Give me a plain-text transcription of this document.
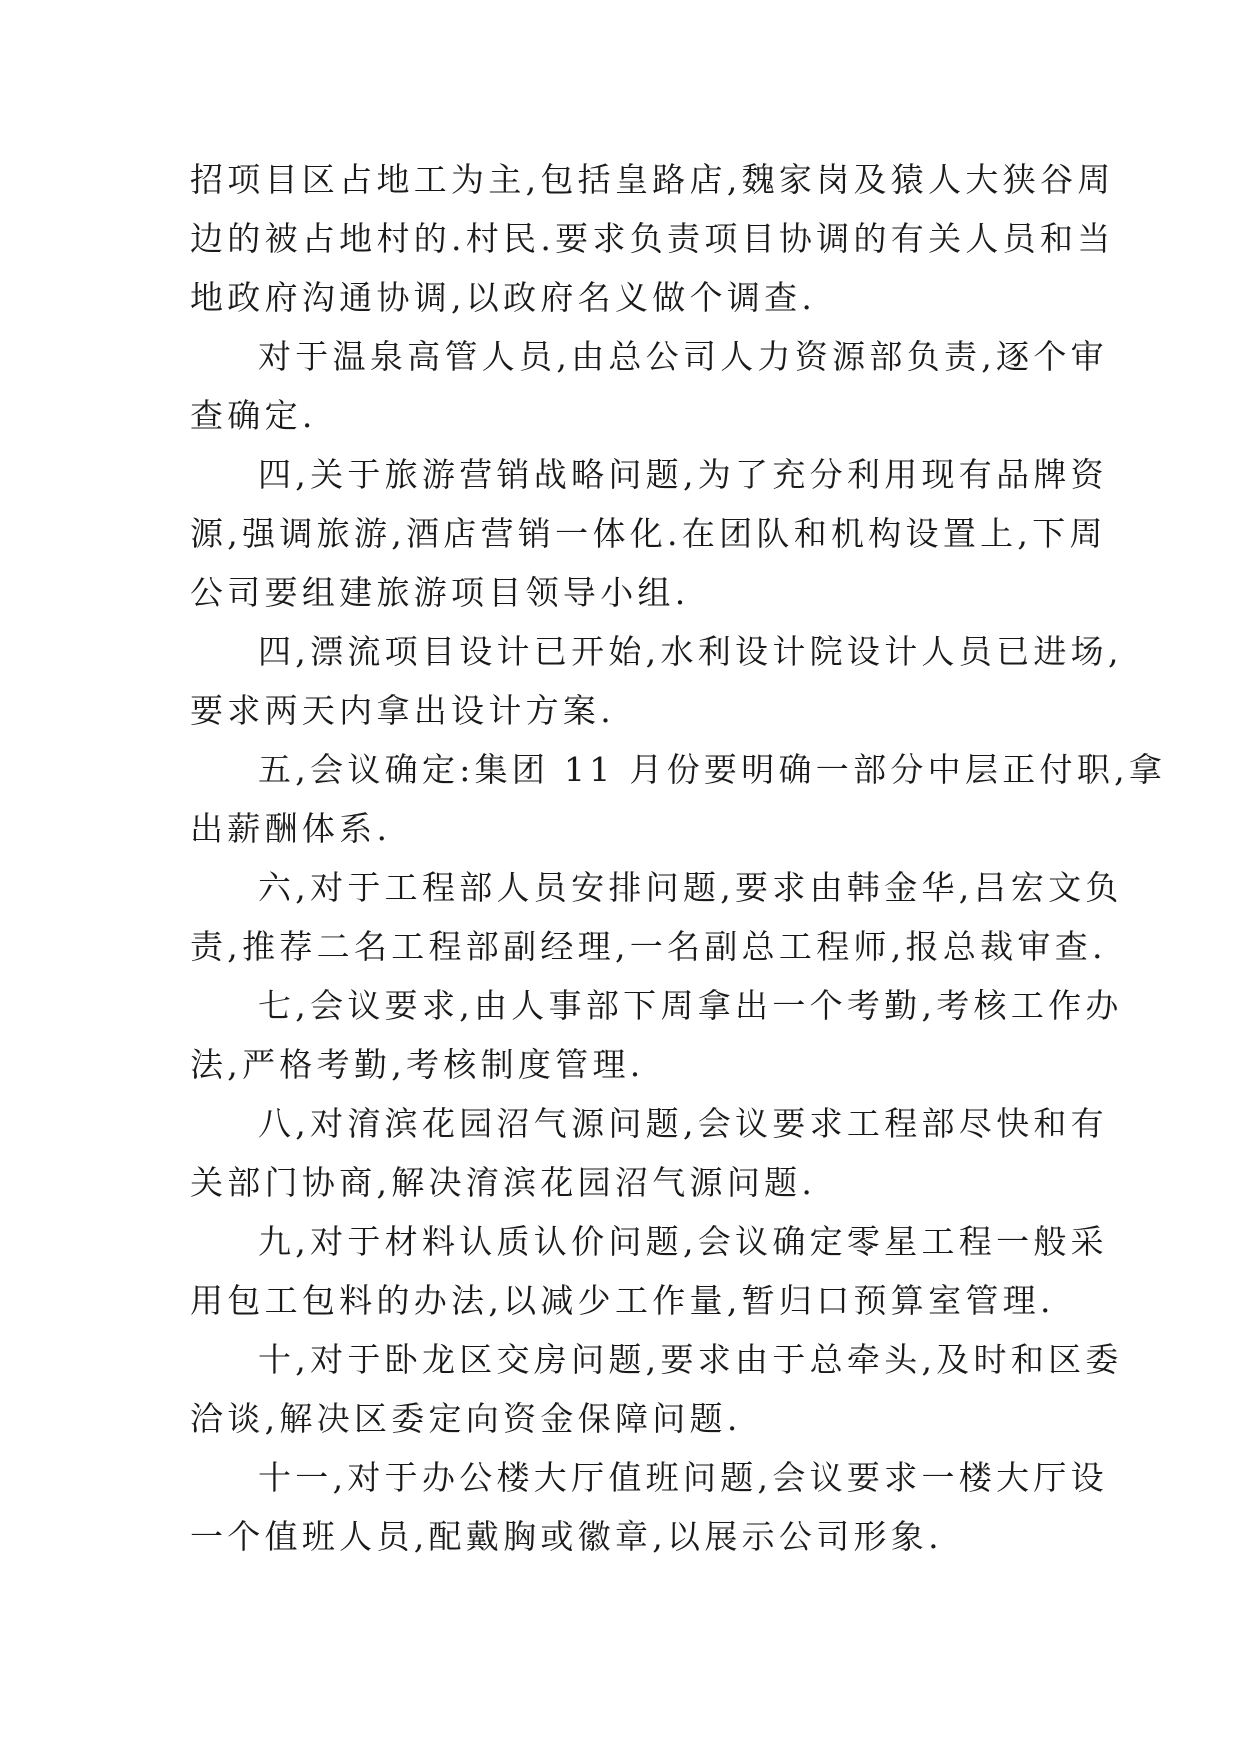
招项目区占地工为主,包括皇路店,魏家岗及猿人大狭谷周
边的被占地村的.村民.要求负责项目协调的有关人员和当
地政府沟通协调,以政府名义做个调查.
对于温泉高管人员,由总公司人力资源部负责,逐个审
查确定.
四,关于旅游营销战略问题,为了充分利用现有品牌资
源,强调旅游,酒店营销一体化.在团队和机构设置上,下周
公司要组建旅游项目领导小组.
四,漂流项目设计已开始,水利设计院设计人员已进场,
要求两天内拿出设计方案.
五,会议确定:集团 11 月份要明确一部分中层正付职,拿
出薪酬体系.
六,对于工程部人员安排问题,要求由韩金华,吕宏文负
责,推荐二名工程部副经理,一名副总工程师,报总裁审查.
七,会议要求,由人事部下周拿出一个考勤,考核工作办
法,严格考勤,考核制度管理.
八,对淯滨花园沼气源问题,会议要求工程部尽快和有
关部门协商,解决淯滨花园沼气源问题.
九,对于材料认质认价问题,会议确定零星工程一般采
用包工包料的办法,以减少工作量,暂归口预算室管理.
十,对于卧龙区交房问题,要求由于总牵头,及时和区委
洽谈,解决区委定向资金保障问题.
十一,对于办公楼大厅值班问题,会议要求一楼大厅设
一个值班人员,配戴胸或徽章,以展示公司形象.
